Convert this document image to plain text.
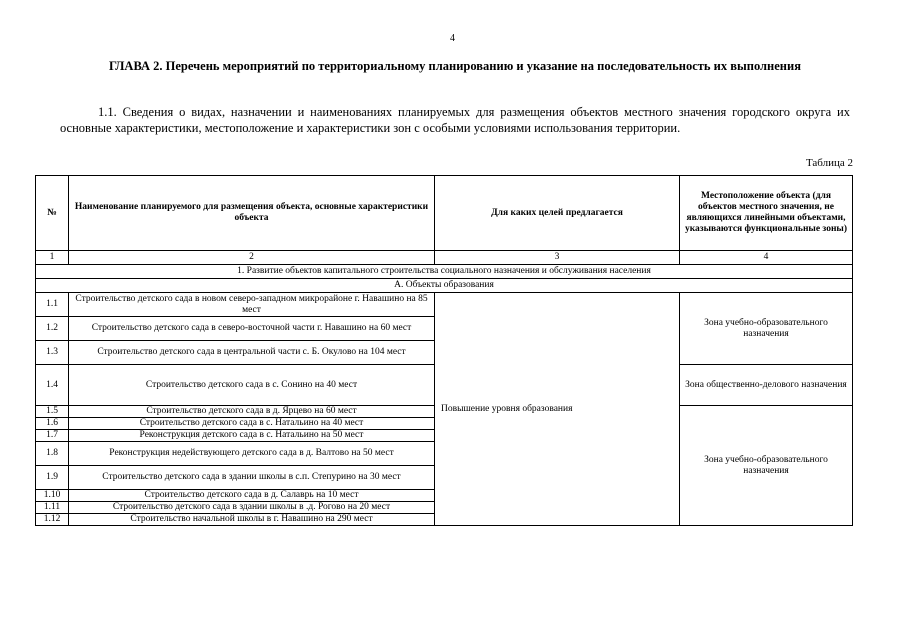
4
ГЛАВА 2. Перечень мероприятий по территориальному планированию и указание на последовательность их выполнения
1.1. Сведения о видах, назначении и наименованиях планируемых для размещения объектов местного значения городского округа их основные характеристики, местоположение и характеристики зон с особыми условиями использования территории.
Таблица 2
№	Наименование планируемого для размещения объекта, основные характеристики объекта	Для каких целей предлагается	Местоположение объекта (для объектов местного значения, не являющихся линейными объектами, указываются функциональные зоны)
1	2	3	4
1. Развитие объектов капитального строительства социального назначения и обслуживания населения			
А. Объекты образования			
1.1	Строительство детского сада в новом северо-западном микрорайоне г. Навашино на 85 мест	Повышение уровня образования	Зона учебно-образовательного назначения
1.2	Строительство детского сада в северо-восточной части г. Навашино на 60 мест		
1.3	Строительство детского сада в центральной части с. Б. Окулово на 104 мест		
1.4	Строительство детского сада в с. Сонино на 40 мест		Зона общественно-делового назначения

1.5	Строительство детского сада в д. Ярцево на 60 мест		Зона учебно-образовательного назначения
1.6	Строительство детского сада в с. Натальино на 40 мест		
1.7	Реконструкция детского сада в с. Натальино на 50 мест		
1.8	Реконструкция недействующего детского сада в д. Валтово на 50 мест		
1.9	Строительство детского сада в здании школы в с.п. Степурино на 30 мест		
1.10	Строительство детского сада в д. Салаврь на 10 мест		
1.11	Строительство детского сада в здании школы в .д. Рогово на 20 мест		
1.12	Строительство начальной школы в г. Навашино на 290 мест		
